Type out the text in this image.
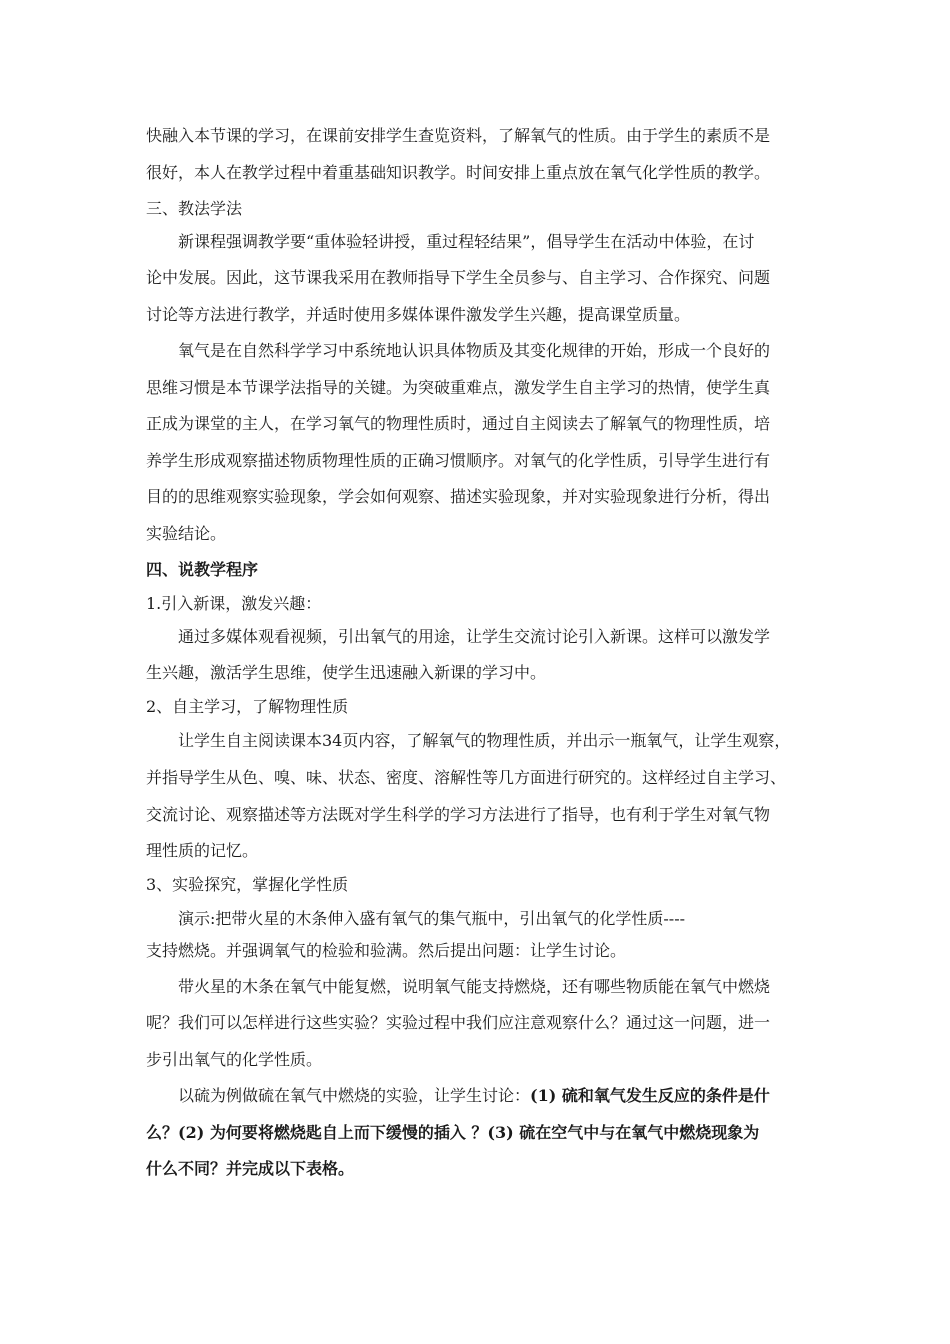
快融入本节课的学习，在课前安排学生查览资料，了解氧气的性质。由于学生的素质不是
很好，本人在教学过程中着重基础知识教学。时间安排上重点放在氧气化学性质的教学。
三、教法学法
新课程强调教学要“重体验轻讲授，重过程轻结果”，倡导学生在活动中体验，在讨
论中发展。因此，这节课我采用在教师指导下学生全员参与、自主学习、合作探究、问题
讨论等方法进行教学，并适时使用多媒体课件激发学生兴趣，提高课堂质量。
氧气是在自然科学学习中系统地认识具体物质及其变化规律的开始，形成一个良好的
思维习惯是本节课学法指导的关键。为突破重难点，激发学生自主学习的热情，使学生真
正成为课堂的主人，在学习氧气的物理性质时，通过自主阅读去了解氧气的物理性质，培
养学生形成观察描述物质物理性质的正确习惯顺序。对氧气的化学性质，引导学生进行有
目的的思维观察实验现象，学会如何观察、描述实验现象，并对实验现象进行分析，得出
实验结论。
四、说教学程序
1.引入新课，激发兴趣：
通过多媒体观看视频，引出氧气的用途，让学生交流讨论引入新课。这样可以激发学
生兴趣，激活学生思维，使学生迅速融入新课的学习中。
2、自主学习，了解物理性质
让学生自主阅读课本34页内容，了解氧气的物理性质，并出示一瓶氧气，让学生观察，
并指导学生从色、嗅、味、状态、密度、溶解性等几方面进行研究的。这样经过自主学习、
交流讨论、观察描述等方法既对学生科学的学习方法进行了指导，也有利于学生对氧气物
理性质的记忆。
3、实验探究，掌握化学性质
演示:把带火星的木条伸入盛有氧气的集气瓶中，引出氧气的化学性质----
支持燃烧。并强调氧气的检验和验满。然后提出问题：让学生讨论。
带火星的木条在氧气中能复燃，说明氧气能支持燃烧，还有哪些物质能在氧气中燃烧
呢？我们可以怎样进行这些实验？实验过程中我们应注意观察什么？通过这一问题，进一
步引出氧气的化学性质。
以硫为例做硫在氧气中燃烧的实验，让学生讨论：(1) 硫和氧气发生反应的条件是什
么？(2) 为何要将燃烧匙自上而下缓慢的插入 ？(3) 硫在空气中与在氧气中燃烧现象为
什么不同？并完成以下表格。
